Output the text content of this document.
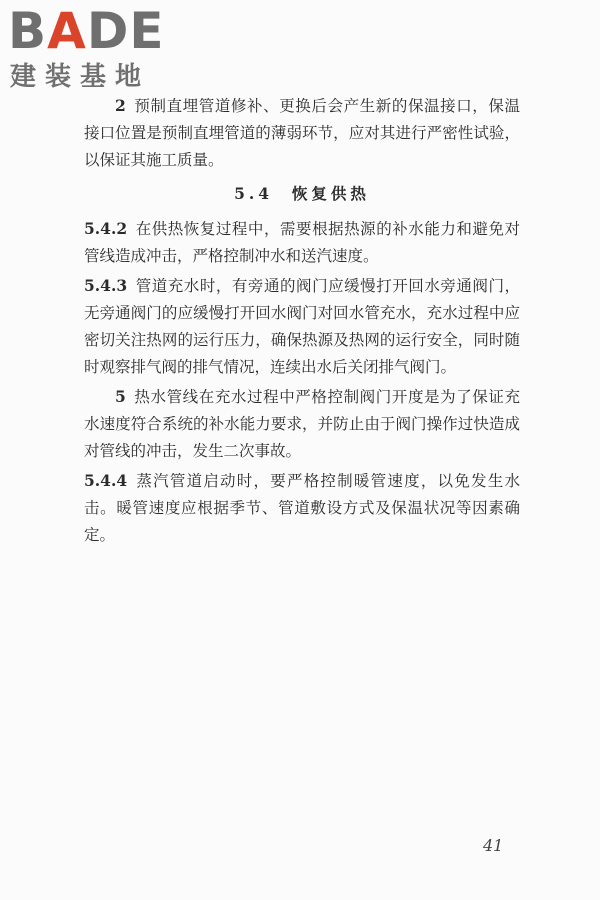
BADE
建装基地

2 预制直埋管道修补、更换后会产生新的保温接口，保温接口位置是预制直埋管道的薄弱环节，应对其进行严密性试验，以保证其施工质量。

5.4 恢复供热

5.4.2 在供热恢复过程中，需要根据热源的补水能力和避免对管线造成冲击，严格控制冲水和送汽速度。

5.4.3 管道充水时，有旁通的阀门应缓慢打开回水旁通阀门，无旁通阀门的应缓慢打开回水阀门对回水管充水，充水过程中应密切关注热网的运行压力，确保热源及热网的运行安全，同时随时观察排气阀的排气情况，连续出水后关闭排气阀门。

5 热水管线在充水过程中严格控制阀门开度是为了保证充水速度符合系统的补水能力要求，并防止由于阀门操作过快造成对管线的冲击，发生二次事故。

5.4.4 蒸汽管道启动时，要严格控制暖管速度，以免发生水击。暖管速度应根据季节、管道敷设方式及保温状况等因素确定。

41
